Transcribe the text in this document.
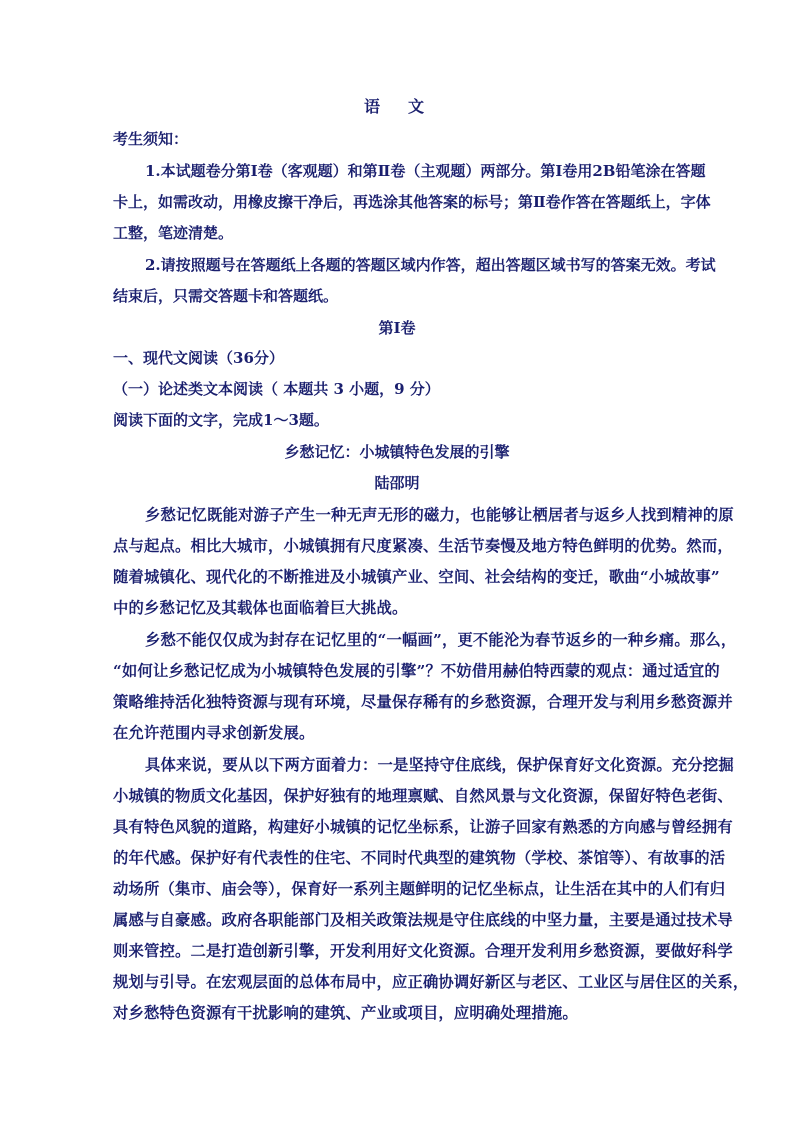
语　文
考生须知：
1.本试题卷分第Ⅰ卷（客观题）和第Ⅱ卷（主观题）两部分。第Ⅰ卷用2B铅笔涂在答题
卡上，如需改动，用橡皮擦干净后，再选涂其他答案的标号；第Ⅱ卷作答在答题纸上，字体
工整，笔迹清楚。
2.请按照题号在答题纸上各题的答题区域内作答，超出答题区域书写的答案无效。考试
结束后，只需交答题卡和答题纸。
第Ⅰ卷
一、现代文阅读（36分）
（一）论述类文本阅读（ 本题共 3 小题，9 分）
阅读下面的文字，完成1～3题。
乡愁记忆：小城镇特色发展的引擎
陆邵明
乡愁记忆既能对游子产生一种无声无形的磁力，也能够让栖居者与返乡人找到精神的原
点与起点。相比大城市，小城镇拥有尺度紧凑、生活节奏慢及地方特色鲜明的优势。然而，
随着城镇化、现代化的不断推进及小城镇产业、空间、社会结构的变迁，歌曲“小城故事”
中的乡愁记忆及其载体也面临着巨大挑战。
乡愁不能仅仅成为封存在记忆里的“一幅画”，更不能沦为春节返乡的一种乡痛。那么，
“如何让乡愁记忆成为小城镇特色发展的引擎”？不妨借用赫伯特西蒙的观点：通过适宜的
策略维持活化独特资源与现有环境，尽量保存稀有的乡愁资源，合理开发与利用乡愁资源并
在允许范围内寻求创新发展。
具体来说，要从以下两方面着力：一是坚持守住底线，保护保育好文化资源。充分挖掘
小城镇的物质文化基因，保护好独有的地理禀赋、自然风景与文化资源，保留好特色老街、
具有特色风貌的道路，构建好小城镇的记忆坐标系，让游子回家有熟悉的方向感与曾经拥有
的年代感。保护好有代表性的住宅、不同时代典型的建筑物（学校、茶馆等）、有故事的活
动场所（集市、庙会等），保育好一系列主题鲜明的记忆坐标点，让生活在其中的人们有归
属感与自豪感。政府各职能部门及相关政策法规是守住底线的中坚力量，主要是通过技术导
则来管控。二是打造创新引擎，开发利用好文化资源。合理开发利用乡愁资源，要做好科学
规划与引导。在宏观层面的总体布局中，应正确协调好新区与老区、工业区与居住区的关系，
对乡愁特色资源有干扰影响的建筑、产业或项目，应明确处理措施。
